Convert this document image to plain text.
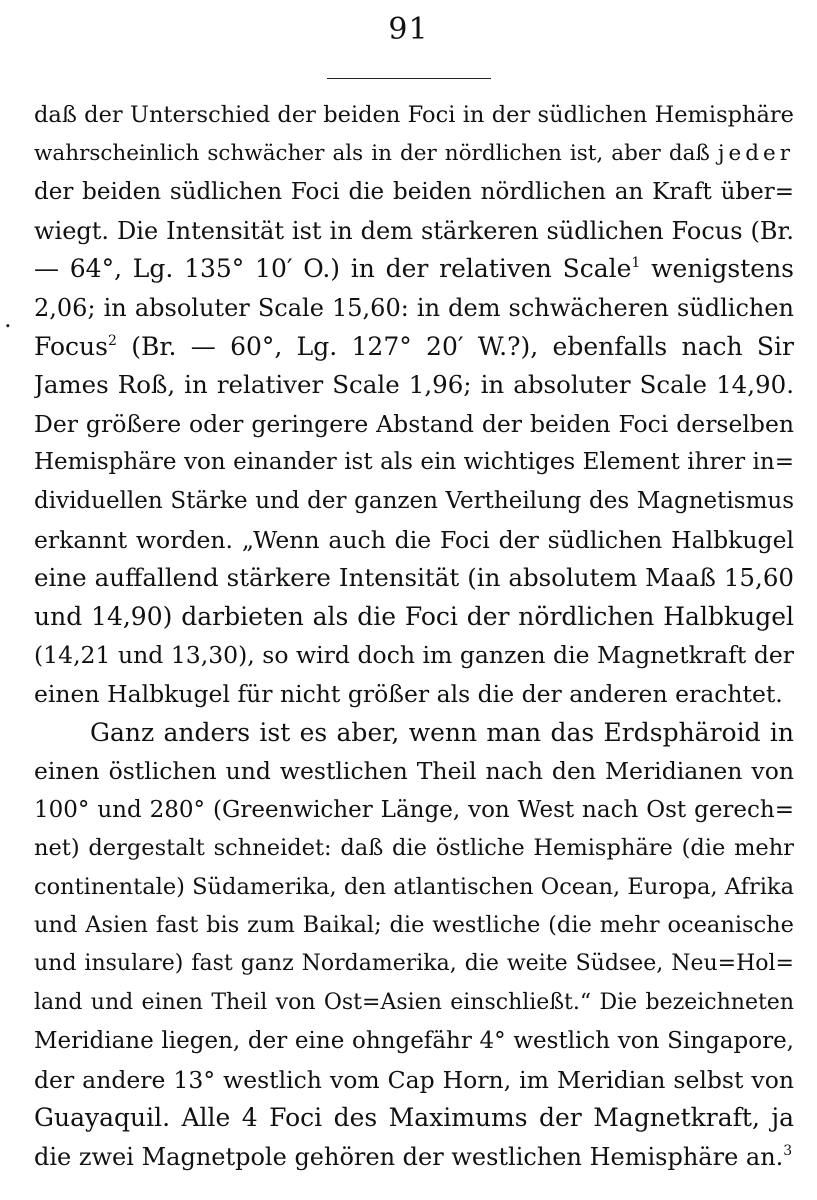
91
.
daß der Unterschied der beiden Foci in der südlichen Hemisphäre
wahrscheinlich schwächer als in der nördlichen ist, aber daß jeder
der beiden südlichen Foci die beiden nördlichen an Kraft über=
wiegt. Die Intensität ist in dem stärkeren südlichen Focus (Br.
— 64°, Lg. 135° 10′ O.) in der relativen Scale$^1$ wenigstens
2,06; in absoluter Scale 15,60: in dem schwächeren südlichen
Focus$^2$ (Br. — 60°, Lg. 127° 20′ W.?), ebenfalls nach Sir
James Roß, in relativer Scale 1,96; in absoluter Scale 14,90.
Der größere oder geringere Abstand der beiden Foci derselben
Hemisphäre von einander ist als ein wichtiges Element ihrer in=
dividuellen Stärke und der ganzen Vertheilung des Magnetismus
erkannt worden. „Wenn auch die Foci der südlichen Halbkugel
eine auffallend stärkere Intensität (in absolutem Maaß 15,60
und 14,90) darbieten als die Foci der nördlichen Halbkugel
(14,21 und 13,30), so wird doch im ganzen die Magnetkraft der
einen Halbkugel für nicht größer als die der anderen erachtet.
Ganz anders ist es aber, wenn man das Erdsphäroid in
einen östlichen und westlichen Theil nach den Meridianen von
100° und 280° (Greenwicher Länge, von West nach Ost gerech=
net) dergestalt schneidet: daß die östliche Hemisphäre (die mehr
continentale) Südamerika, den atlantischen Ocean, Europa, Afrika
und Asien fast bis zum Baikal; die westliche (die mehr oceanische
und insulare) fast ganz Nordamerika, die weite Südsee, Neu=Hol=
land und einen Theil von Ost=Asien einschließt.“ Die bezeichneten
Meridiane liegen, der eine ohngefähr 4° westlich von Singapore,
der andere 13° westlich vom Cap Horn, im Meridian selbst von
Guayaquil. Alle 4 Foci des Maximums der Magnetkraft, ja
die zwei Magnetpole gehören der westlichen Hemisphäre an.$^3$
